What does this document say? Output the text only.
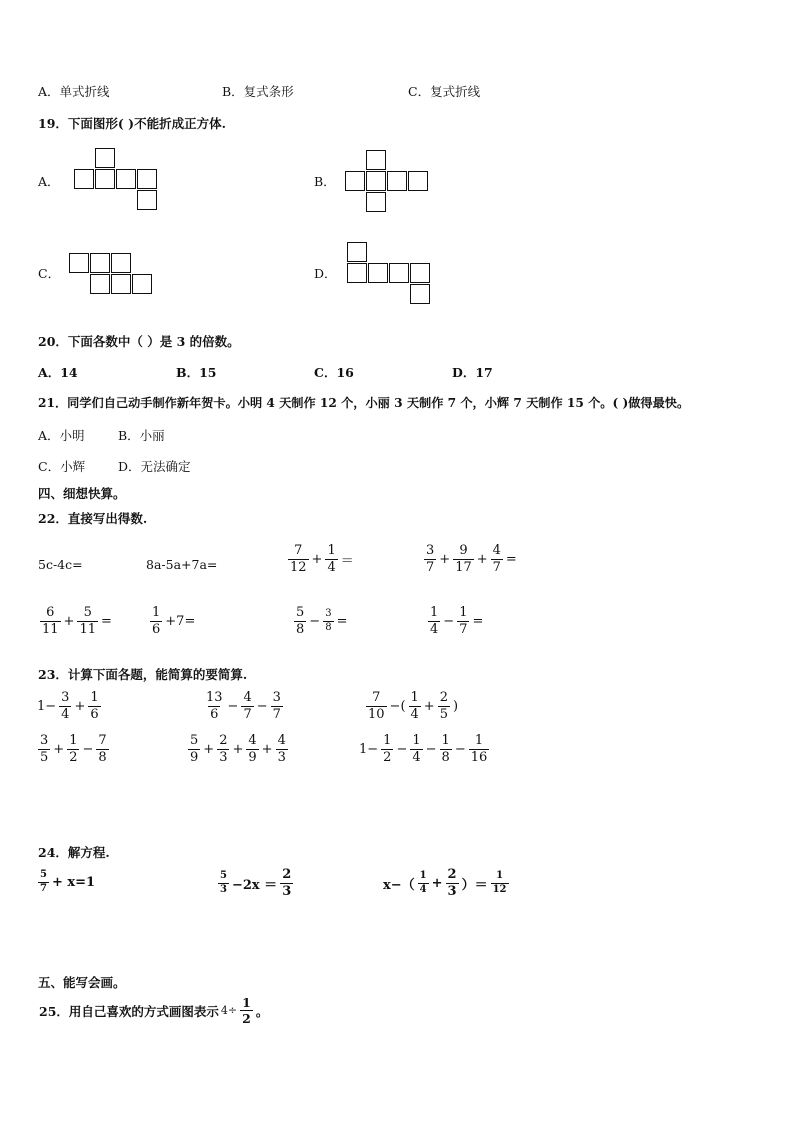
A．单式折线	B．复式条形	C．复式折线
19．下面图形( )不能折成正方体.
A．	B．
C．	D．
20．下面各数中（ ）是 3 的倍数。
A．14	B．15	C．16	D．17
21．同学们自己动手制作新年贺卡。小明 4 天制作 12 个，小丽 3 天制作 7 个，小辉 7 天制作 15 个。( )做得最快。
A．小明	B．小丽
C．小辉	D．无法确定
四、细想快算。
22．直接写出得数.
5c-4c=	8a-5a+7a=	$\frac{7}{12} + \frac{1}{4}$ ＝	$\frac{3}{7} + \frac{9}{17} + \frac{4}{7}$ =
$\frac{6}{11} + \frac{5}{11}$ =	$\frac{1}{6} +7=$	$\frac{5}{8} - \frac{3}{8}$ =	$\frac{1}{4} - \frac{1}{7}$ =
23．计算下面各题，能简算的要简算.
$1- \frac{3}{4} + \frac{1}{6}$	$\frac{13}{6} - \frac{4}{7} - \frac{3}{7}$	$\frac{7}{10}$ −( $\frac{1}{4} + \frac{2}{5}$ )
$\frac{3}{5} + \frac{1}{2} - \frac{7}{8}$	$\frac{5}{9} + \frac{2}{3} + \frac{4}{9} + \frac{4}{3}$	$1- \frac{1}{2} - \frac{1}{4} - \frac{1}{8} - \frac{1}{16}$
24．解方程.
$\frac{5}{7} + x=1$	$\frac{5}{3} -2x = \frac{2}{3}$	$x-( \frac{1}{4} + \frac{2}{3}$ ）＝ $\frac{1}{12}$
五、能写会画。
25．用自己喜欢的方式画图表示 $4\div \frac{1}{2}$ 。
